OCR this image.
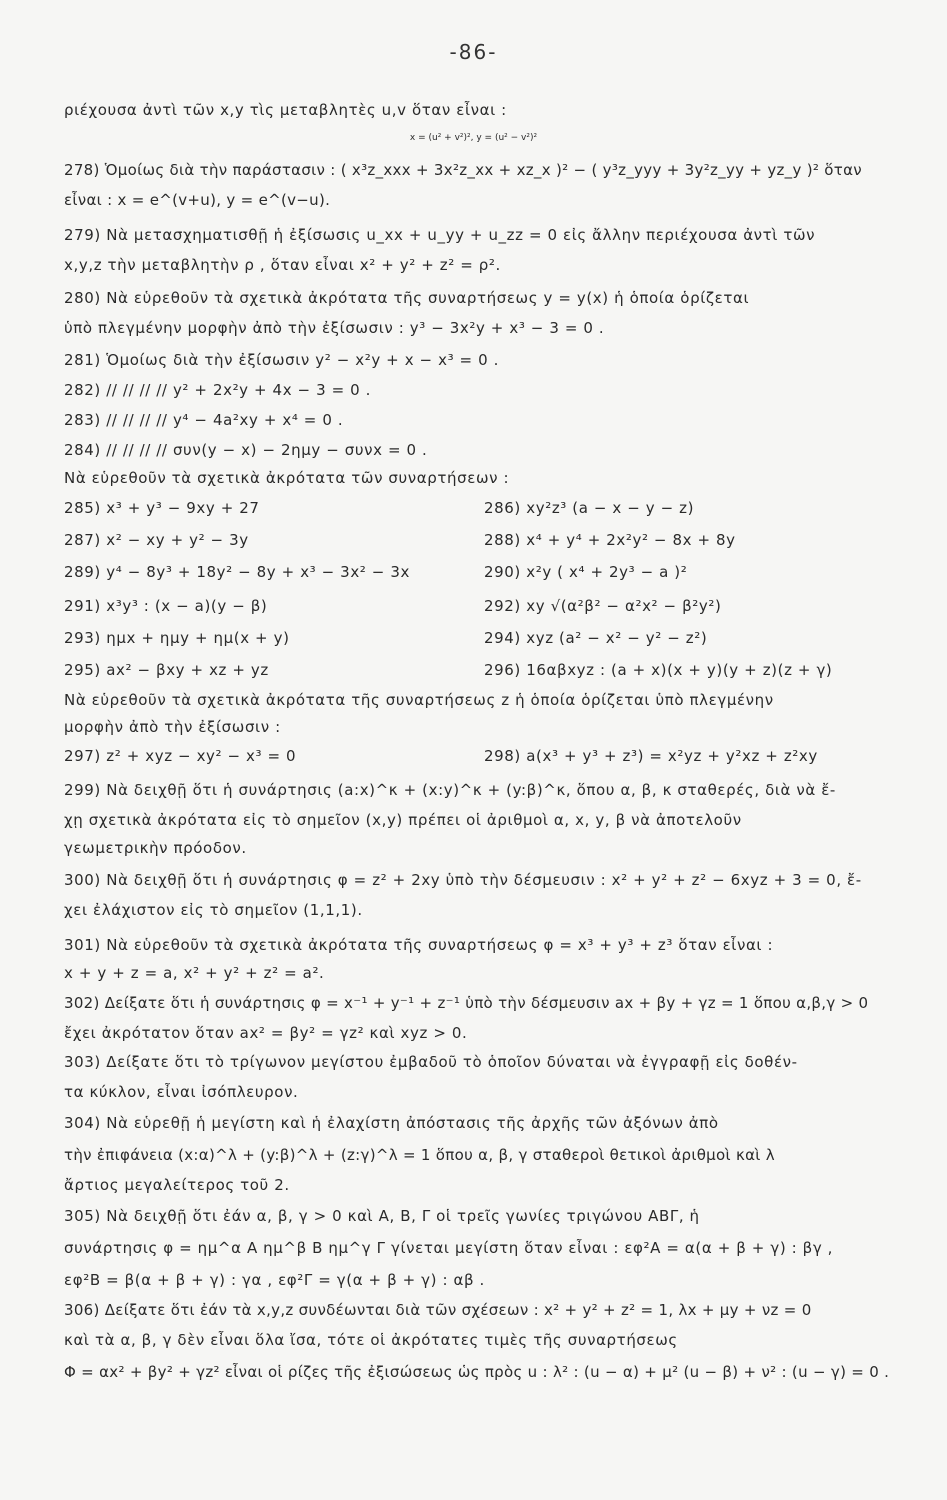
-86-
ριέχουσα ἀντὶ τῶν x,y τὶς μεταβλητὲς u,v ὅταν εἶναι :
x = (u² + v²)², y = (u² − v²)²
278) Ὁμοίως διὰ τὴν παράστασιν : ( x³z_xxx + 3x²z_xx + xz_x )² − ( y³z_yyy + 3y²z_yy + yz_y )² ὅταν
εἶναι : x = e^(v+u), y = e^(v−u).
279) Νὰ μετασχηματισθῇ ἡ ἐξίσωσις u_xx + u_yy + u_zz = 0 εἰς ἄλλην περιέχουσα ἀντὶ τῶν
x,y,z τὴν μεταβλητὴν ρ , ὅταν εἶναι x² + y² + z² = ρ².
280) Νὰ εὑρεθοῦν τὰ σχετικὰ ἀκρότατα τῆς συναρτήσεως y = y(x) ἡ ὁποία ὁρίζεται
ὑπὸ πλεγμένην μορφὴν ἀπὸ τὴν ἐξίσωσιν : y³ − 3x²y + x³ − 3 = 0 .
281) Ὁμοίως διὰ τὴν ἐξίσωσιν y² − x²y + x − x³ = 0 .
282) // // // // y² + 2x²y + 4x − 3 = 0 .
283) // // // // y⁴ − 4a²xy + x⁴ = 0 .
284) // // // // συν(y − x) − 2ημy − συνx = 0 .
Νὰ εὑρεθοῦν τὰ σχετικὰ ἀκρότατα τῶν συναρτήσεων :
285) x³ + y³ − 9xy + 27	286) xy²z³ (a − x − y − z)
287) x² − xy + y² − 3y	288) x⁴ + y⁴ + 2x²y² − 8x + 8y
289) y⁴ − 8y³ + 18y² − 8y + x³ − 3x² − 3x	290) x²y ( x⁴ + 2y³ − a )²
291) x³y³ : (x − a)(y − β)	292) xy √(α²β² − α²x² − β²y²)
293) ημx + ημy + ημ(x + y)	294) xyz (a² − x² − y² − z²)
295) ax² − βxy + xz + yz	296) 16αβxyz : (a + x)(x + y)(y + z)(z + γ)
Νὰ εὑρεθοῦν τὰ σχετικὰ ἀκρότατα τῆς συναρτήσεως z ἡ ὁποία ὁρίζεται ὑπὸ πλεγμένην
μορφὴν ἀπὸ τὴν ἐξίσωσιν :
297) z² + xyz − xy² − x³ = 0	298) a(x³ + y³ + z³) = x²yz + y²xz + z²xy
299) Νὰ δειχθῇ ὅτι ἡ συνάρτησις (a:x)^κ + (x:y)^κ + (y:β)^κ, ὅπου α, β, κ σταθερές, διὰ νὰ ἔ-
χῃ σχετικὰ ἀκρότατα εἰς τὸ σημεῖον (x,y) πρέπει οἱ ἀριθμοὶ α, x, y, β νὰ ἀποτελοῦν
γεωμετρικὴν πρόοδον.
300) Νὰ δειχθῇ ὅτι ἡ συνάρτησις φ = z² + 2xy ὑπὸ τὴν δέσμευσιν : x² + y² + z² − 6xyz + 3 = 0, ἔ-
χει ἐλάχιστον εἰς τὸ σημεῖον (1,1,1).
301) Νὰ εὑρεθοῦν τὰ σχετικὰ ἀκρότατα τῆς συναρτήσεως φ = x³ + y³ + z³ ὅταν εἶναι :
x + y + z = a, x² + y² + z² = a².
302) Δείξατε ὅτι ἡ συνάρτησις φ = x⁻¹ + y⁻¹ + z⁻¹ ὑπὸ τὴν δέσμευσιν ax + βy + γz = 1 ὅπου α,β,γ > 0
ἔχει ἀκρότατον ὅταν ax² = βy² = γz² καὶ xyz > 0.
303) Δείξατε ὅτι τὸ τρίγωνον μεγίστου ἐμβαδοῦ τὸ ὁποῖον δύναται νὰ ἐγγραφῇ εἰς δοθέν-
τα κύκλον, εἶναι ἰσόπλευρον.
304) Νὰ εὑρεθῇ ἡ μεγίστη καὶ ἡ ἐλαχίστη ἀπόστασις τῆς ἀρχῆς τῶν ἀξόνων ἀπὸ
τὴν ἐπιφάνεια (x:α)^λ + (y:β)^λ + (z:γ)^λ = 1 ὅπου α, β, γ σταθεροὶ θετικοὶ ἀριθμοὶ καὶ λ
ἄρτιος μεγαλείτερος τοῦ 2.
305) Νὰ δειχθῇ ὅτι ἐάν α, β, γ > 0 καὶ Α, Β, Γ οἱ τρεῖς γωνίες τριγώνου ΑΒΓ, ἡ
συνάρτησις φ = ημ^α Α ημ^β Β ημ^γ Γ γίνεται μεγίστη ὅταν εἶναι : εφ²Α = α(α + β + γ) : βγ ,
εφ²Β = β(α + β + γ) : γα , εφ²Γ = γ(α + β + γ) : αβ .
306) Δείξατε ὅτι ἐάν τὰ x,y,z συνδέωνται διὰ τῶν σχέσεων : x² + y² + z² = 1, λx + μy + νz = 0
καὶ τὰ α, β, γ δὲν εἶναι ὅλα ἴσα, τότε οἱ ἀκρότατες τιμὲς τῆς συναρτήσεως
Φ = αx² + βy² + γz² εἶναι οἱ ρίζες τῆς ἐξισώσεως ὡς πρὸς u : λ² : (u − α) + μ² (u − β) + ν² : (u − γ) = 0 .
